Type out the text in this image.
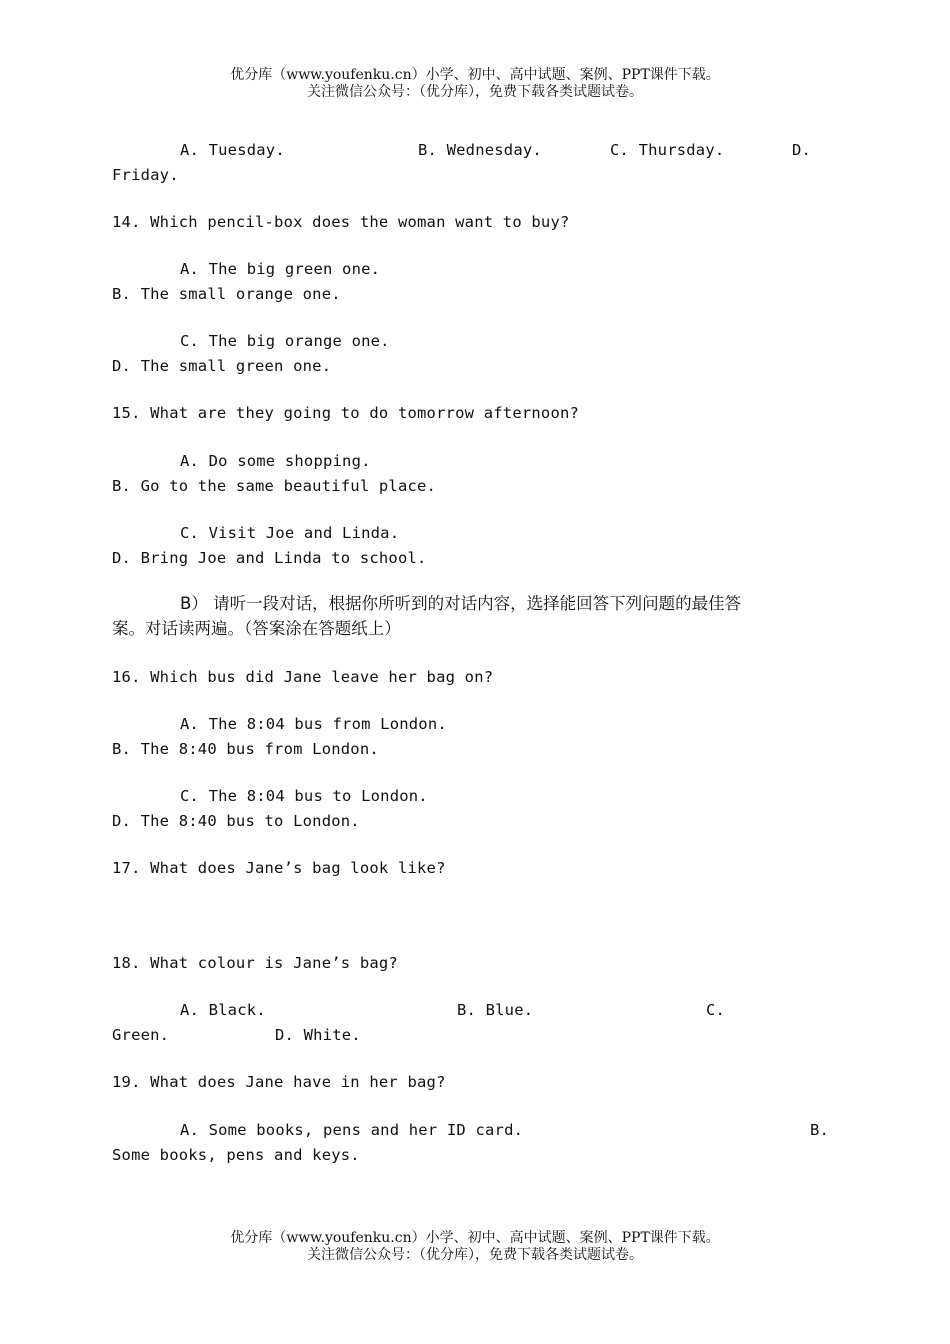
优分库（www.youfenku.cn）小学、初中、高中试题、案例、PPT课件下载。
关注微信公众号：（优分库），免费下载各类试题试卷。
A. Tuesday.	B. Wednesday.	C. Thursday.	D.
Friday.
14. Which pencil-box does the woman want to buy?
A. The big green one.
B. The small orange one.
C. The big orange one.
D. The small green one.
15. What are they going to do tomorrow afternoon?
A. Do some shopping.
B. Go to the same beautiful place.
C. Visit Joe and Linda.
D. Bring Joe and Linda to school.
B） 请听一段对话，根据你所听到的对话内容，选择能回答下列问题的最佳答
案。对话读两遍。（答案涂在答题纸上）
16. Which bus did Jane leave her bag on?
A. The 8:04 bus from London.
B. The 8:40 bus from London.
C. The 8:04 bus to London.
D. The 8:40 bus to London.
17. What does Jane’s bag look like?
18. What colour is Jane’s bag?
A. Black.	B. Blue.	C.
Green.	D. White.
19. What does Jane have in her bag?
A. Some books, pens and her ID card.	B.
Some books, pens and keys.
优分库（www.youfenku.cn）小学、初中、高中试题、案例、PPT课件下载。
关注微信公众号：（优分库），免费下载各类试题试卷。
